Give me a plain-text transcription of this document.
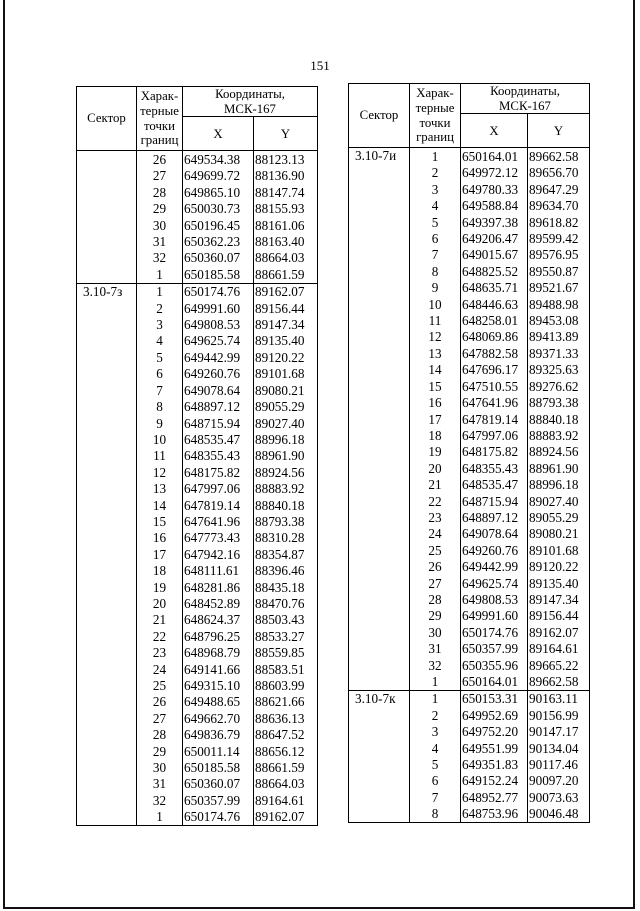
151
Сектор	Харак-
терные
точки
границ	Координаты,
МСК-167	
		X	Y
	26	649534.38	88123.13
	27	649699.72	88136.90
	28	649865.10	88147.74
	29	650030.73	88155.93
	30	650196.45	88161.06
	31	650362.23	88163.40
	32	650360.07	88664.03
	1	650185.58	88661.59
3.10-7з	1	650174.76	89162.07
	2	649991.60	89156.44
	3	649808.53	89147.34
	4	649625.74	89135.40
	5	649442.99	89120.22
	6	649260.76	89101.68
	7	649078.64	89080.21
	8	648897.12	89055.29
	9	648715.94	89027.40
	10	648535.47	88996.18
	11	648355.43	88961.90
	12	648175.82	88924.56
	13	647997.06	88883.92
	14	647819.14	88840.18
	15	647641.96	88793.38
	16	647773.43	88310.28
	17	647942.16	88354.87
	18	648111.61	88396.46
	19	648281.86	88435.18
	20	648452.89	88470.76
	21	648624.37	88503.43
	22	648796.25	88533.27
	23	648968.79	88559.85
	24	649141.66	88583.51
	25	649315.10	88603.99
	26	649488.65	88621.66
	27	649662.70	88636.13
	28	649836.79	88647.52
	29	650011.14	88656.12
	30	650185.58	88661.59
	31	650360.07	88664.03
	32	650357.99	89164.61
	1	650174.76	89162.07
Сектор	Харак-
терные
точки
границ	Координаты,
МСК-167	
		X	Y
3.10-7и	1	650164.01	89662.58
	2	649972.12	89656.70
	3	649780.33	89647.29
	4	649588.84	89634.70
	5	649397.38	89618.82
	6	649206.47	89599.42
	7	649015.67	89576.95
	8	648825.52	89550.87
	9	648635.71	89521.67
	10	648446.63	89488.98
	11	648258.01	89453.08
	12	648069.86	89413.89
	13	647882.58	89371.33
	14	647696.17	89325.63
	15	647510.55	89276.62
	16	647641.96	88793.38
	17	647819.14	88840.18
	18	647997.06	88883.92
	19	648175.82	88924.56
	20	648355.43	88961.90
	21	648535.47	88996.18
	22	648715.94	89027.40
	23	648897.12	89055.29
	24	649078.64	89080.21
	25	649260.76	89101.68
	26	649442.99	89120.22
	27	649625.74	89135.40
	28	649808.53	89147.34
	29	649991.60	89156.44
	30	650174.76	89162.07
	31	650357.99	89164.61
	32	650355.96	89665.22
	1	650164.01	89662.58
3.10-7к	1	650153.31	90163.11
	2	649952.69	90156.99
	3	649752.20	90147.17
	4	649551.99	90134.04
	5	649351.83	90117.46
	6	649152.24	90097.20
	7	648952.77	90073.63
	8	648753.96	90046.48
